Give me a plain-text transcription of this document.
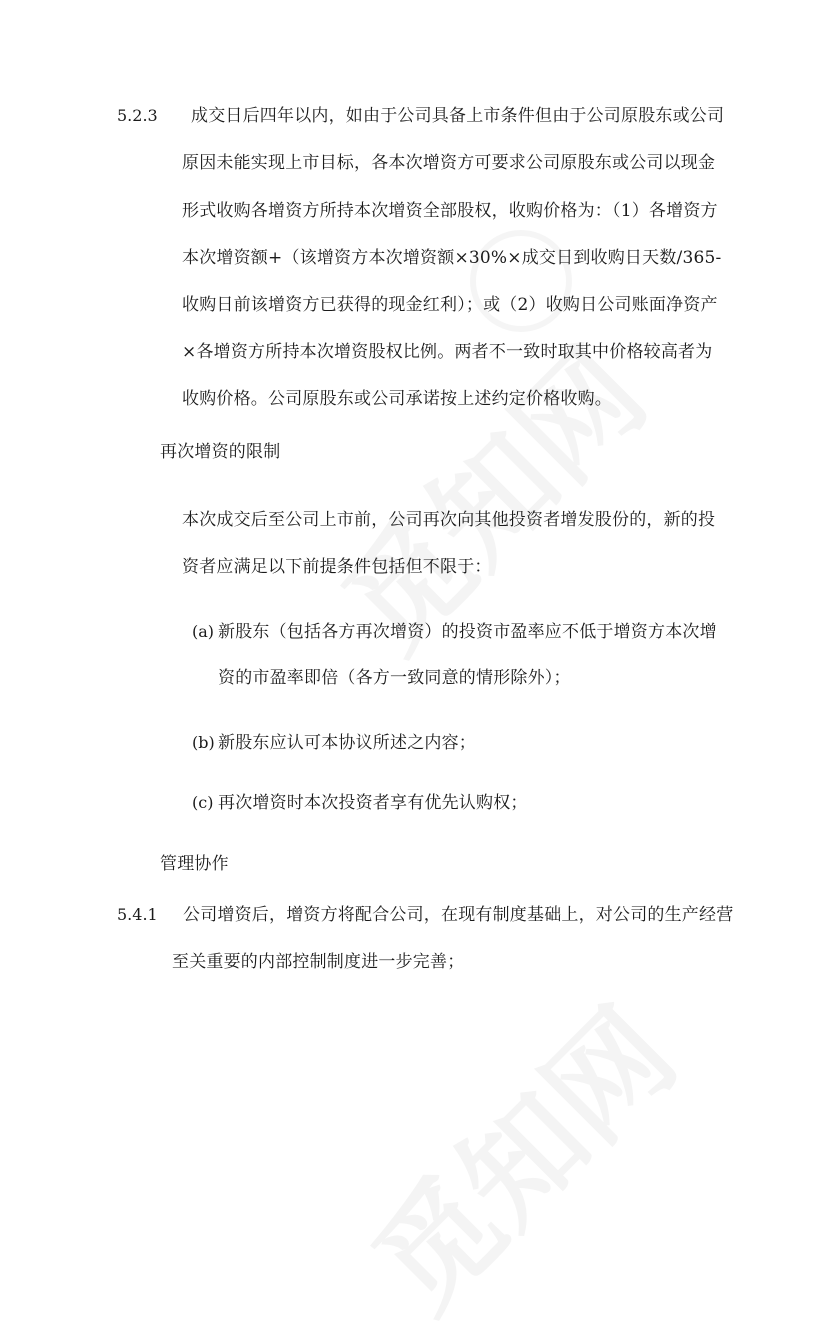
5.2.3 成交日后四年以内，如由于公司具备上市条件但由于公司原股东或公司
原因未能实现上市目标，各本次增资方可要求公司原股东或公司以现金
形式收购各增资方所持本次增资全部股权，收购价格为：（1）各增资方
本次增资额+（该增资方本次增资额×30%×成交日到收购日天数/365-
收购日前该增资方已获得的现金红利）；或（2）收购日公司账面净资产
×各增资方所持本次增资股权比例。两者不一致时取其中价格较高者为
收购价格。公司原股东或公司承诺按上述约定价格收购。
再次增资的限制
本次成交后至公司上市前，公司再次向其他投资者增发股份的，新的投
资者应满足以下前提条件包括但不限于：
(a) 新股东（包括各方再次增资）的投资市盈率应不低于增资方本次增
资的市盈率即倍（各方一致同意的情形除外）；
(b) 新股东应认可本协议所述之内容；
(c) 再次增资时本次投资者享有优先认购权；
管理协作
5.4.1 公司增资后，增资方将配合公司，在现有制度基础上，对公司的生产经营
至关重要的内部控制制度进一步完善；
